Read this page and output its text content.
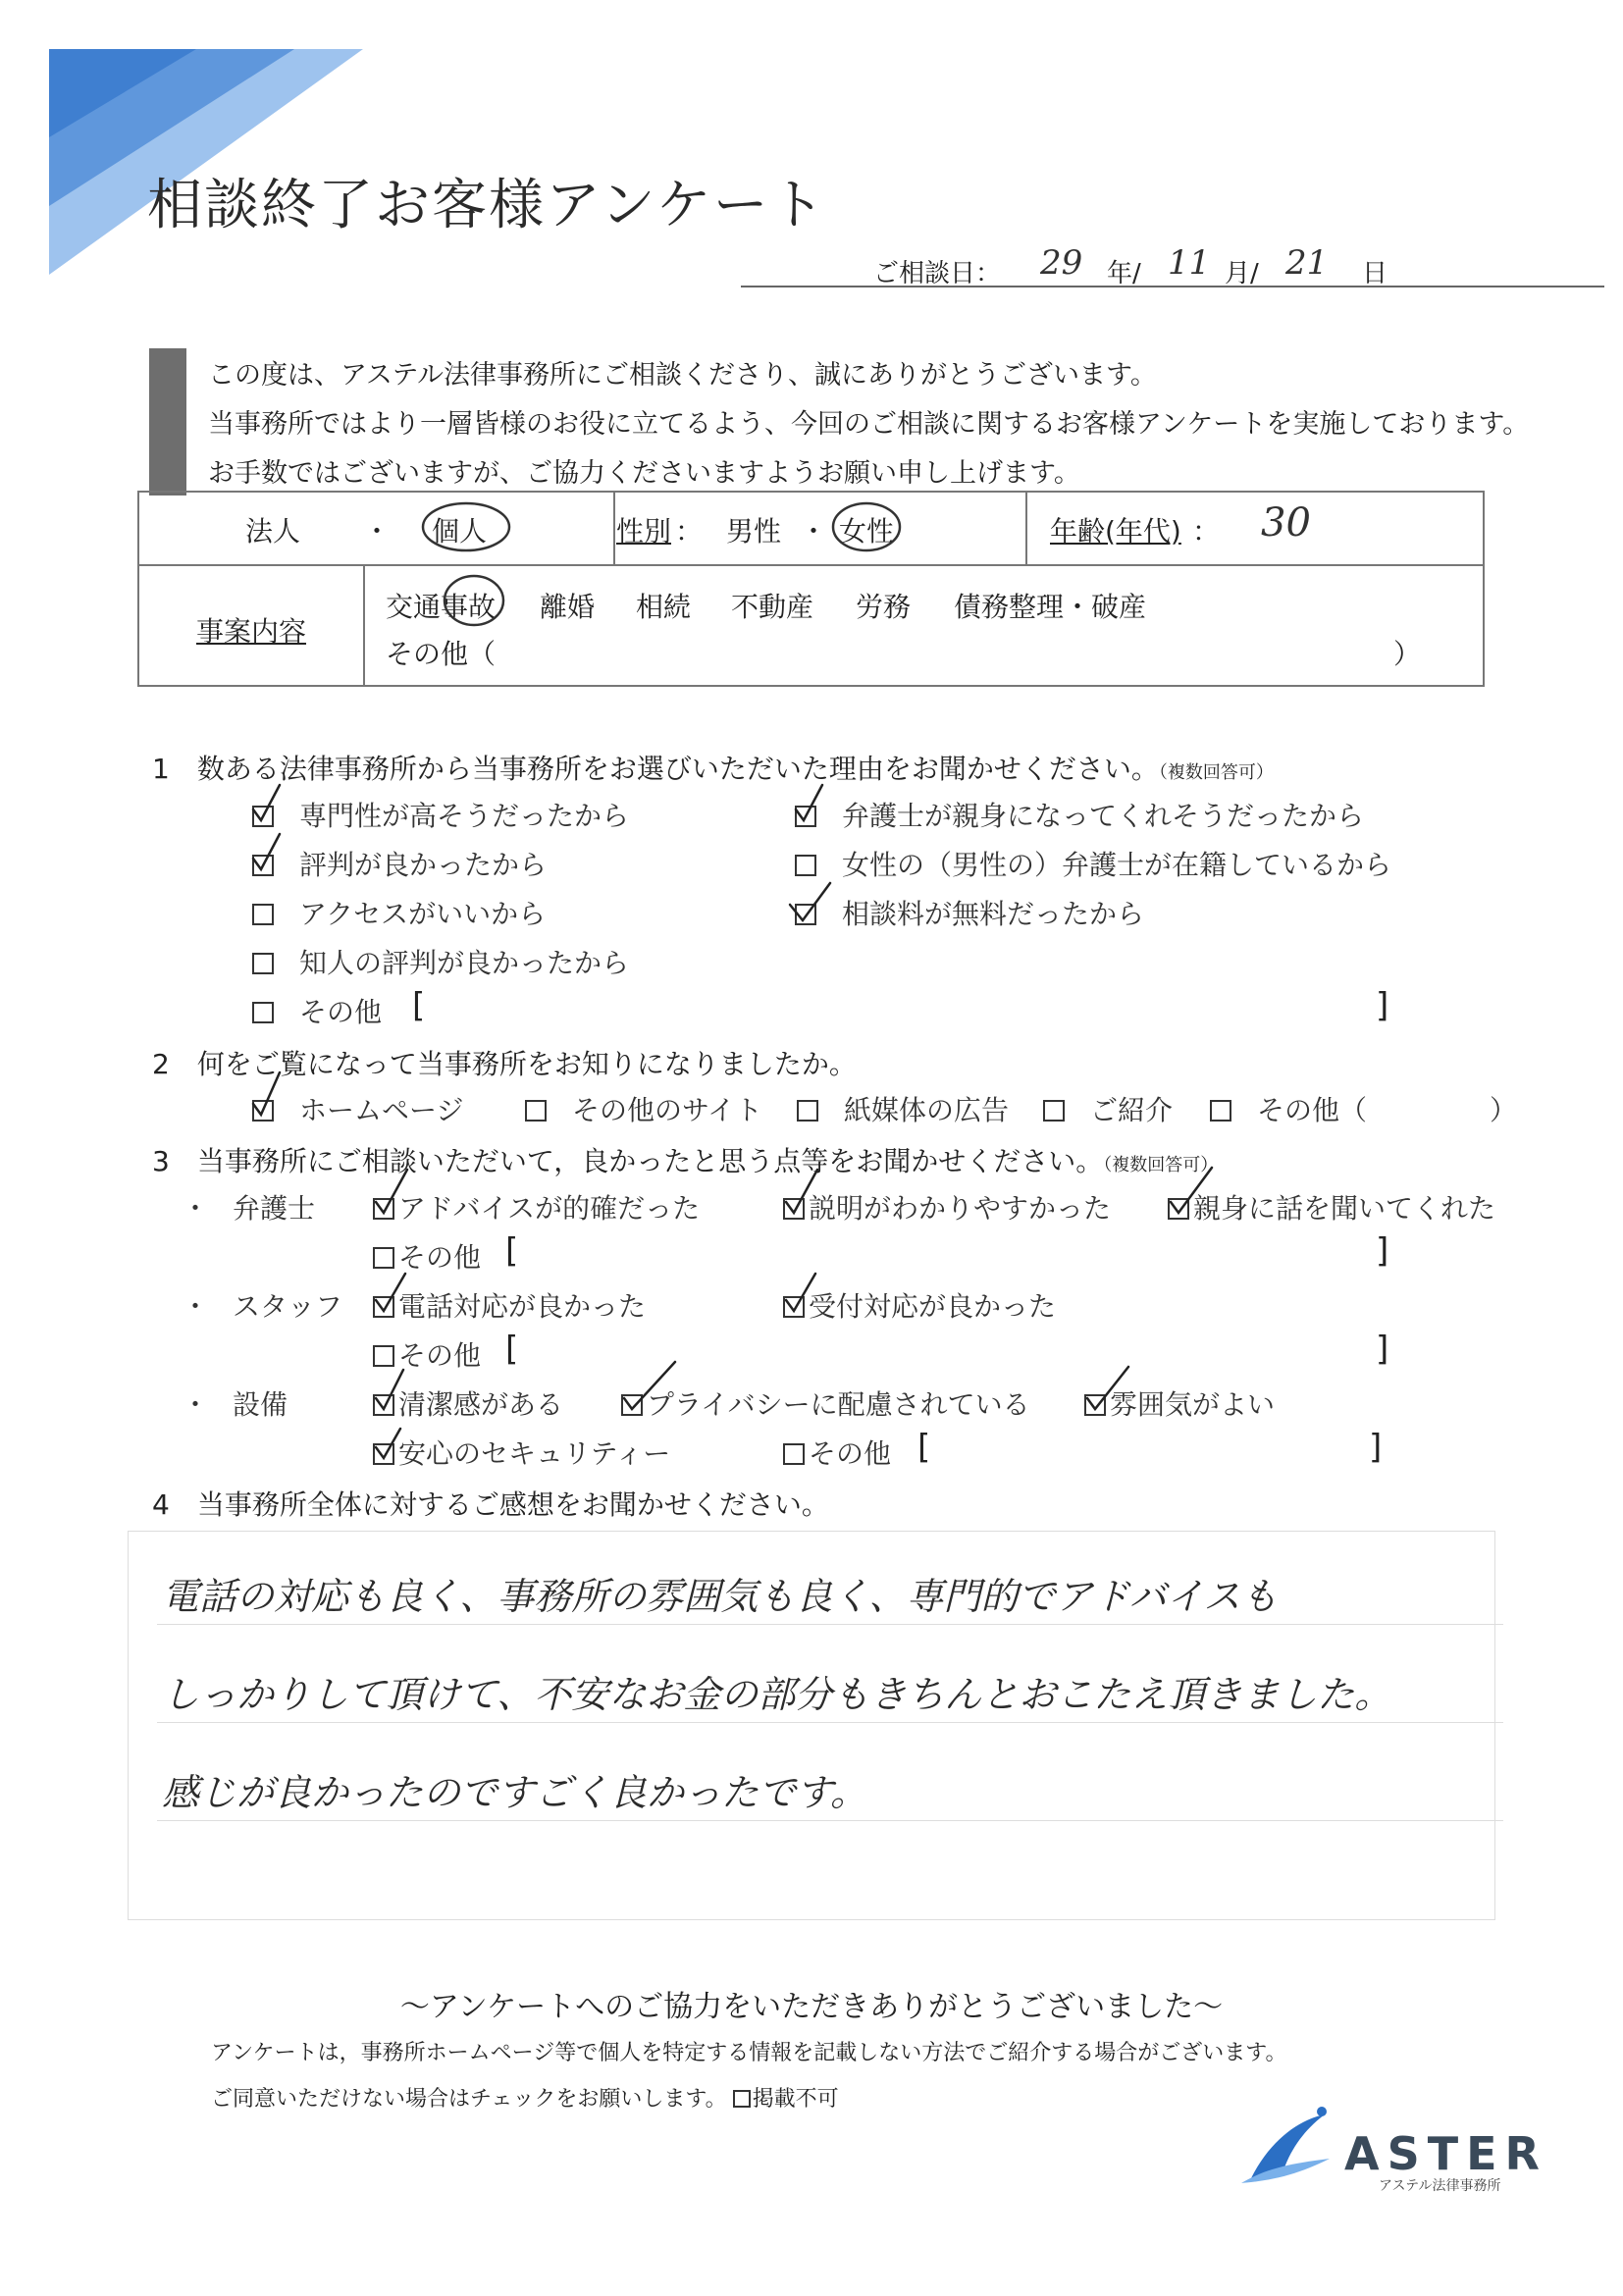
相談終了お客様アンケート
ご相談日： 29 年/ 11 月/ 21 日
この度は、アステル法律事務所にご相談くださり、誠にありがとうございます。
当事務所ではより一層皆様のお役に立てるよう、今回のご相談に関するお客様アンケートを実施しております。
お手数ではございますが、ご協力くださいますようお願い申し上げます。
法人 ・ 個人	性別 ： 男性 ・ 女性	年齢(年代) ： 30
事案内容
交通事故 離婚 相続 不動産 労務 債務整理・破産
その他（	）
1　数ある法律事務所から当事務所をお選びいただいた理由をお聞かせください。（複数回答可）
専門性が高そうだったから	弁護士が親身になってくれそうだったから
評判が良かったから	女性の（男性の）弁護士が在籍しているから
アクセスがいいから	相談料が無料だったから
知人の評判が良かったから
その他 [	]
2　何をご覧になって当事務所をお知りになりましたか。
ホームページ	その他のサイト	紙媒体の広告	ご紹介	その他（	）
3　当事務所にご相談いただいて，良かったと思う点等をお聞かせください。（複数回答可）
・ 弁護士	アドバイスが的確だった	説明がわかりやすかった	親身に話を聞いてくれた
その他 [	]
・ スタッフ	電話対応が良かった	受付対応が良かった
その他 [	]
・ 設備	清潔感がある	プライバシーに配慮されている	雰囲気がよい
安心のセキュリティー	その他 [	]
4　当事務所全体に対するご感想をお聞かせください。
電話の対応も良く、事務所の雰囲気も良く、専門的でアドバイスも
しっかりして頂けて、不安なお金の部分もきちんとおこたえ頂きました。
感じが良かったのですごく良かったです。
～アンケートへのご協力をいただきありがとうございました～
アンケートは，事務所ホームページ等で個人を特定する情報を記載しない方法でご紹介する場合がございます。
ご同意いただけない場合はチェックをお願いします。 掲載不可
ASTER
アステル法律事務所
